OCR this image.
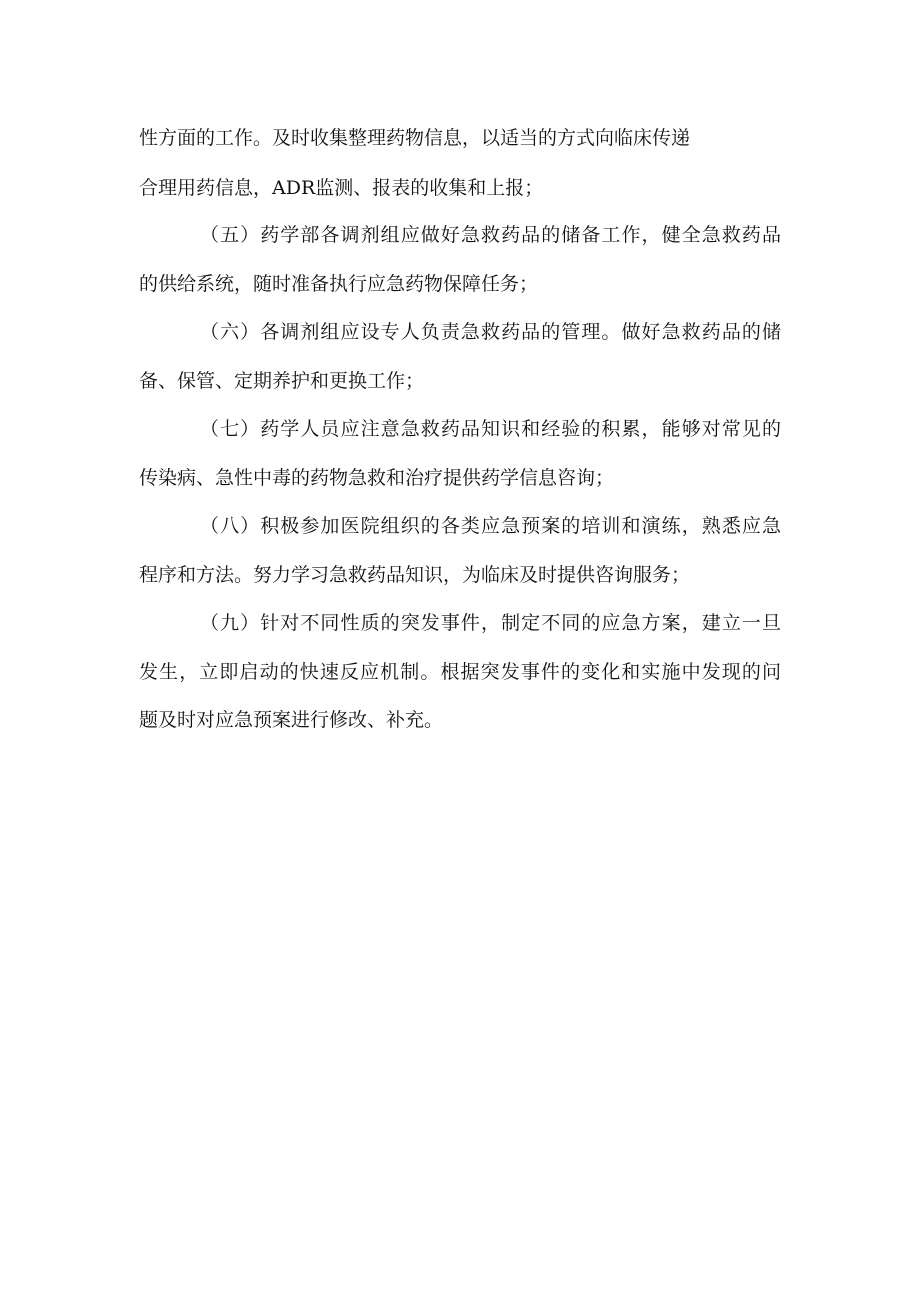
性方面的工作。及时收集整理药物信息，以适当的方式向临床传递
合理用药信息，ADR监测、报表的收集和上报；
（五）药学部各调剂组应做好急救药品的储备工作，健全急救药品
的供给系统，随时准备执行应急药物保障任务；
（六）各调剂组应设专人负责急救药品的管理。做好急救药品的储
备、保管、定期养护和更换工作；
（七）药学人员应注意急救药品知识和经验的积累，能够对常见的
传染病、急性中毒的药物急救和治疗提供药学信息咨询；
（八）积极参加医院组织的各类应急预案的培训和演练，熟悉应急
程序和方法。努力学习急救药品知识，为临床及时提供咨询服务；
（九）针对不同性质的突发事件，制定不同的应急方案，建立一旦
发生，立即启动的快速反应机制。根据突发事件的变化和实施中发现的问
题及时对应急预案进行修改、补充。
